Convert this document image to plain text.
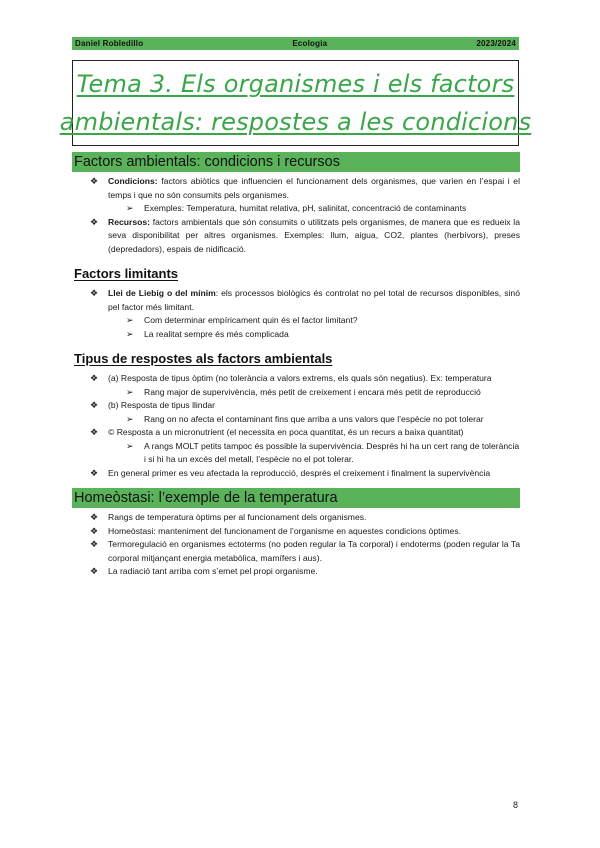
Daniel Robledillo	Ecologia	2023/2024
Tema 3. Els organismes i els factors
ambientals: respostes a les condicions
Factors ambientals: condicions i recursos
❖ Condicions: factors abiòtics que influencien el funcionament dels organismes, que varien en l’espai i el temps i que no són consumits pels organismes.
➢ Exemples: Temperatura, humitat relativa, pH, salinitat, concentració de contaminants
❖ Recursos: factors ambientals que són consumits o utilitzats pels organismes, de manera que es redueix la seva disponibilitat per altres organismes. Exemples: llum, aigua, CO2, plantes (herbívors), preses (depredadors), espais de nidificació.
Factors limitants
❖ Llei de Liebig o del mínim: els processos biològics és controlat no pel total de recursos disponibles, sinó pel factor més limitant.
➢ Com determinar empíricament quin és el factor limitant?
➢ La realitat sempre és més complicada
Tipus de respostes als factors ambientals
❖ (a) Resposta de tipus òptim (no tolerància a valors extrems, els quals són negatius). Ex: temperatura
➢ Rang major de supervivència, més petit de creixement i encara més petit de reproducció
❖ (b) Resposta de tipus llindar
➢ Rang on no afecta el contaminant fins que arriba a uns valors que l’espècie no pot tolerar
❖ © Resposta a un micronutrient (el necessita en poca quantitat, és un recurs a baixa quantitat)
➢ A rangs MOLT petits tampoc és possible la supervivència. Després hi ha un cert rang de tolerància i si hi ha un excés del metall, l’espècie no el pot tolerar.
❖ En general primer es veu afectada la reproducció, després el creixement i finalment la supervivència
Homeòstasi: l’exemple de la temperatura
❖ Rangs de temperatura òptims per al funcionament dels organismes.
❖ Homeòstasi: manteniment del funcionament de l’organisme en aquestes condicions òptimes.
❖ Termoregulació en organismes ectoterms (no poden regular la Ta corporal) i endoterms (poden regular la Ta corporal mitjançant energia metabòlica, mamífers i aus).
❖ La radiació tant arriba com s’emet pel propi organisme.
8
